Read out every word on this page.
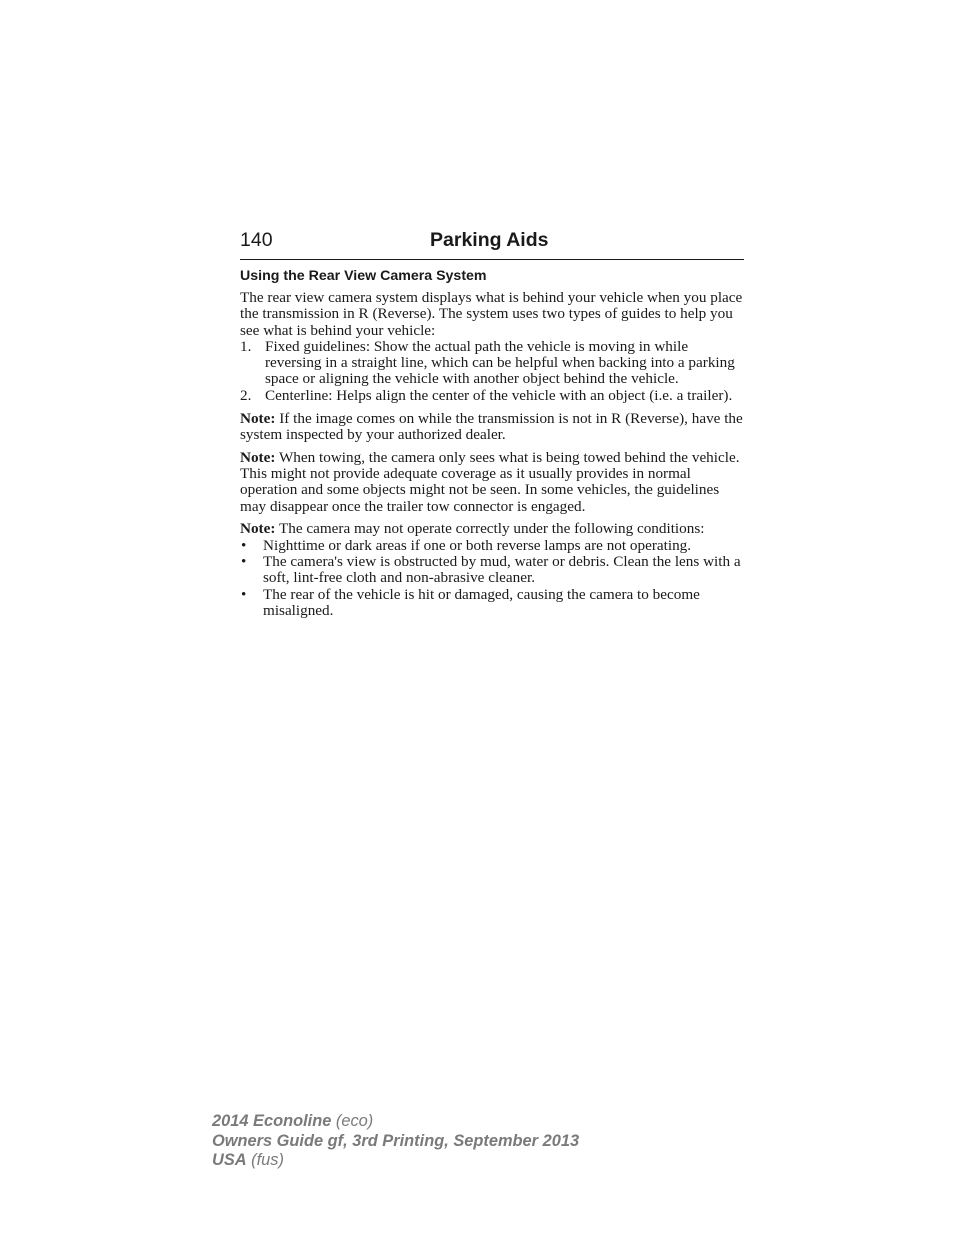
140	Parking Aids
Using the Rear View Camera System

The rear view camera system displays what is behind your vehicle when you place the transmission in R (Reverse). The system uses two types of guides to help you see what is behind your vehicle:

1. Fixed guidelines: Show the actual path the vehicle is moving in while reversing in a straight line, which can be helpful when backing into a parking space or aligning the vehicle with another object behind the vehicle.
2. Centerline: Helps align the center of the vehicle with an object (i.e. a trailer).

Note: If the image comes on while the transmission is not in R (Reverse), have the system inspected by your authorized dealer.

Note: When towing, the camera only sees what is being towed behind the vehicle. This might not provide adequate coverage as it usually provides in normal operation and some objects might not be seen. In some vehicles, the guidelines may disappear once the trailer tow connector is engaged.

Note: The camera may not operate correctly under the following conditions:

• Nighttime or dark areas if one or both reverse lamps are not operating.
• The camera's view is obstructed by mud, water or debris. Clean the lens with a soft, lint-free cloth and non-abrasive cleaner.
• The rear of the vehicle is hit or damaged, causing the camera to become misaligned.
2014 Econoline (eco)
Owners Guide gf, 3rd Printing, September 2013
USA (fus)
